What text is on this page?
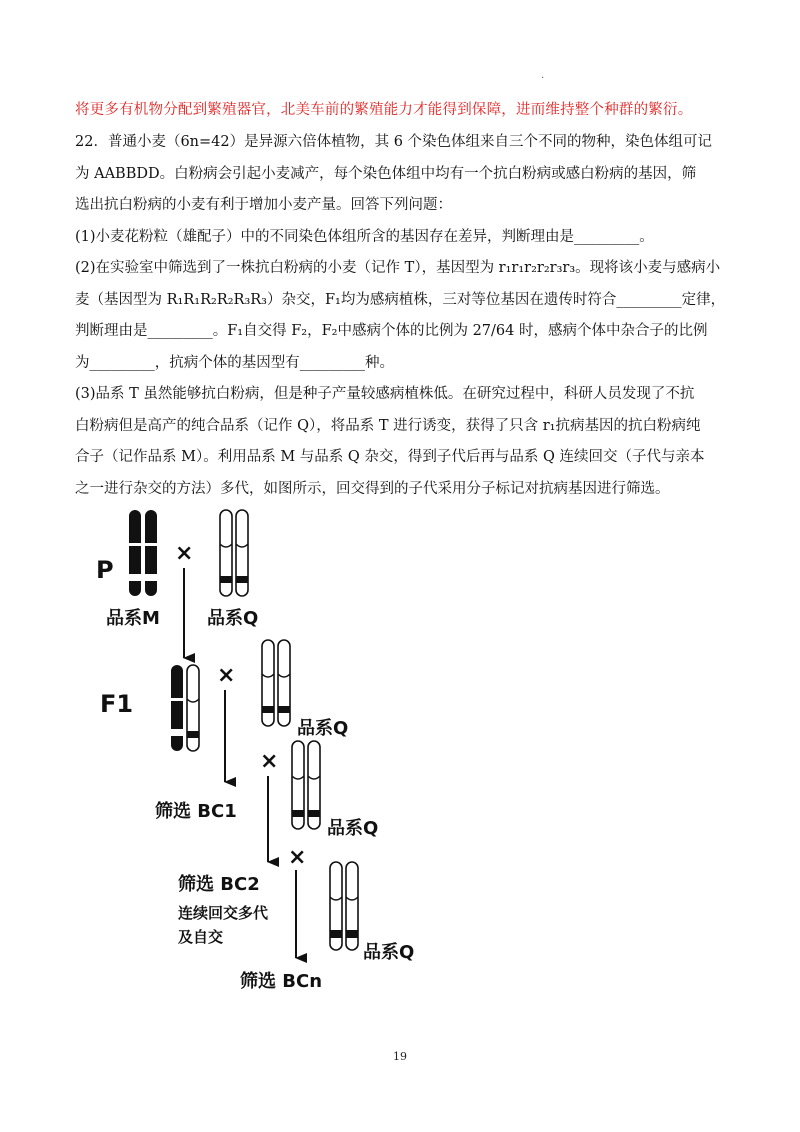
.
将更多有机物分配到繁殖器官，北美车前的繁殖能力才能得到保障，进而维持整个种群的繁衍。

22．普通小麦（6n=42）是异源六倍体植物，其 6 个染色体组来自三个不同的物种，染色体组可记

为 AABBDD。白粉病会引起小麦减产，每个染色体组中均有一个抗白粉病或感白粉病的基因，筛

选出抗白粉病的小麦有利于增加小麦产量。回答下列问题：

(1)小麦花粉粒（雄配子）中的不同染色体组所含的基因存在差异，判断理由是_________。

(2)在实验室中筛选到了一株抗白粉病的小麦（记作 T），基因型为 r₁r₁r₂r₂r₃r₃。现将该小麦与感病小

麦（基因型为 R₁R₁R₂R₂R₃R₃）杂交，F₁均为感病植株，三对等位基因在遗传时符合_________定律，

判断理由是_________。F₁自交得 F₂，F₂中感病个体的比例为 27/64 时，感病个体中杂合子的比例

为_________，抗病个体的基因型有_________种。

(3)品系 T 虽然能够抗白粉病，但是种子产量较感病植株低。在研究过程中，科研人员发现了不抗

白粉病但是高产的纯合品系（记作 Q），将品系 T 进行诱变，获得了只含 r₁抗病基因的抗白粉病纯

合子（记作品系 M）。利用品系 M 与品系 Q 杂交，得到子代后再与品系 Q 连续回交（子代与亲本

之一进行杂交的方法）多代，如图所示，回交得到的子代采用分子标记对抗病基因进行筛选。

P
F1
品系M
×
品系Q
×
品系Q
筛选 BC1
×
品系Q
筛选 BC2
连续回交多代
及自交
×
品系Q
筛选 BCn
19
